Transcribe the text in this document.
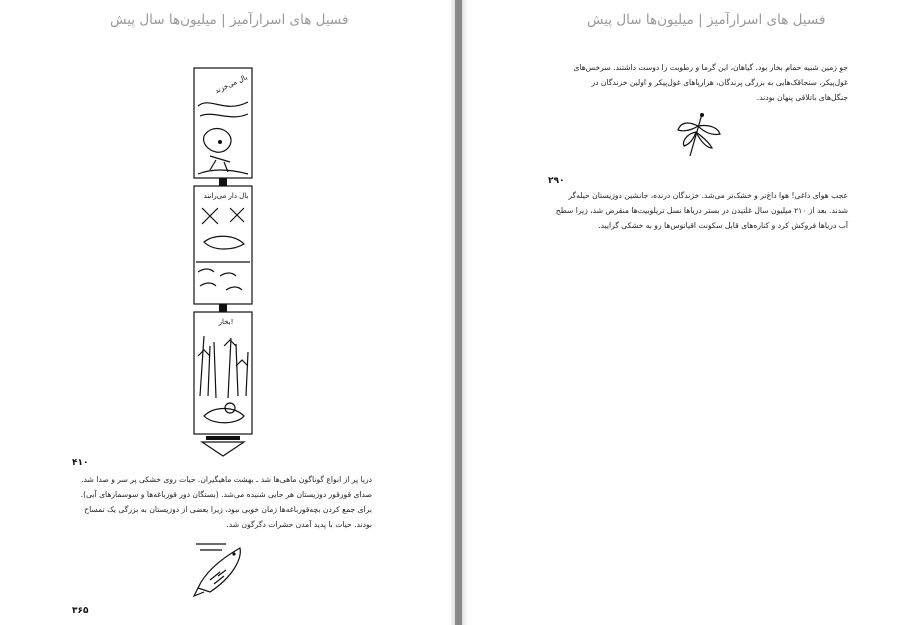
فسیل های اسرارآمیز | میلیون‌ها سال پیش
بال می‌خزند
بال دار می‌رانند
بخار!
۴۱۰
دریا پر از انواع گوناگون ماهی‌ها شد ـ بهشت ماهیگیران. حیات روی خشکی پر سر و صدا شد.
صدای قورقور دوزیستان هر جایی شنیده می‌شد. (بستگان دور قورباغه‌ها و سوسمارهای آبی).
برای جمع کردن بچه‌قورباغه‌ها زمان خوبی نبود، زیرا بعضی از دوزیستان به بزرگی یک تمساح
بودند. حیات با پدید آمدن حشرات دگرگون شد.
۳۶۵
فسیل های اسرارآمیز | میلیون‌ها سال پیش
جوِ زمین شبیه حمام بخار بود. گیاهان، این گرما و رطوبت را دوست داشتند. سرخس‌های
غول‌پیکر، سنجاقک‌هایی به بزرگی پرندگان، هزارپاهای غول‌پیکر و اولین خزندگان در
جنگل‌های باتلاقی پنهان بودند.
۲۹۰
عجب هوای داغی! هوا داغ‌تر و خشک‌تر می‌شد. خزندگان درنده، جانشین دوزیستان حیله‌گر
شدند. بعد از ۲۱۰ میلیون سال غلتیدن در بستر دریاها نسل تریلوبیت‌ها منقرض شد، زیرا سطح
آب دریاها فروکش کرد و کناره‌های قابل سکونت اقیانوس‌ها رو به خشکی گرایید.
